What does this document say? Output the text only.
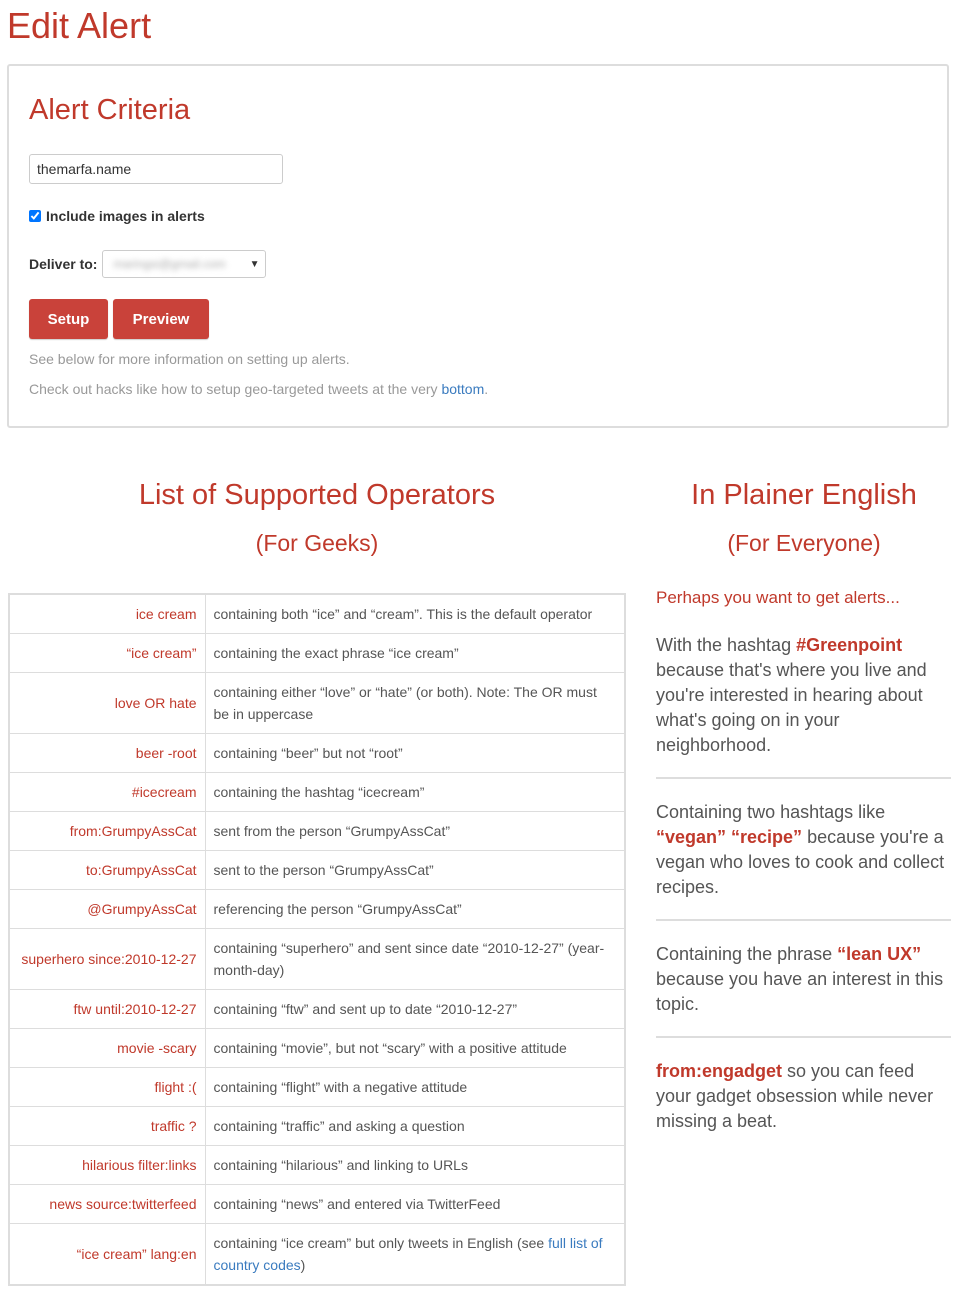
Edit Alert
Alert Criteria
themarfa.name
Include images in alerts
Deliver to: maringsi@gmail.com ▼
Setup	Preview

See below for more information on setting up alerts.

Check out hacks like how to setup geo-targeted tweets at the very bottom.

List of Supported Operators
(For Geeks)
ice cream	containing both “ice” and “cream”. This is the default operator
“ice cream”	containing the exact phrase “ice cream”
love OR hate	containing either “love” or “hate” (or both). Note: The OR must be in uppercase
beer -root	containing “beer” but not “root”
#icecream	containing the hashtag “icecream”
from:GrumpyAssCat	sent from the person “GrumpyAssCat”
to:GrumpyAssCat	sent to the person “GrumpyAssCat”
@GrumpyAssCat	referencing the person “GrumpyAssCat”
superhero since:2010-12-27	containing “superhero” and sent since date “2010-12-27” (year-month-day)
ftw until:2010-12-27	containing “ftw” and sent up to date “2010-12-27”
movie -scary	containing “movie”, but not “scary” with a positive attitude
flight :(	containing “flight” with a negative attitude
traffic ?	containing “traffic” and asking a question
hilarious filter:links	containing “hilarious” and linking to URLs
news source:twitterfeed	containing “news” and entered via TwitterFeed
“ice cream” lang:en	containing “ice cream” but only tweets in English (see full list of country codes)
In Plainer English
(For Everyone)

Perhaps you want to get alerts...

With the hashtag #Greenpoint because that's where you live and you're interested in hearing about what's going on in your neighborhood.

Containing two hashtags like “vegan” “recipe” because you're a vegan who loves to cook and collect recipes.

Containing the phrase “lean UX” because you have an interest in this topic.

from:engadget so you can feed your gadget obsession while never missing a beat.
